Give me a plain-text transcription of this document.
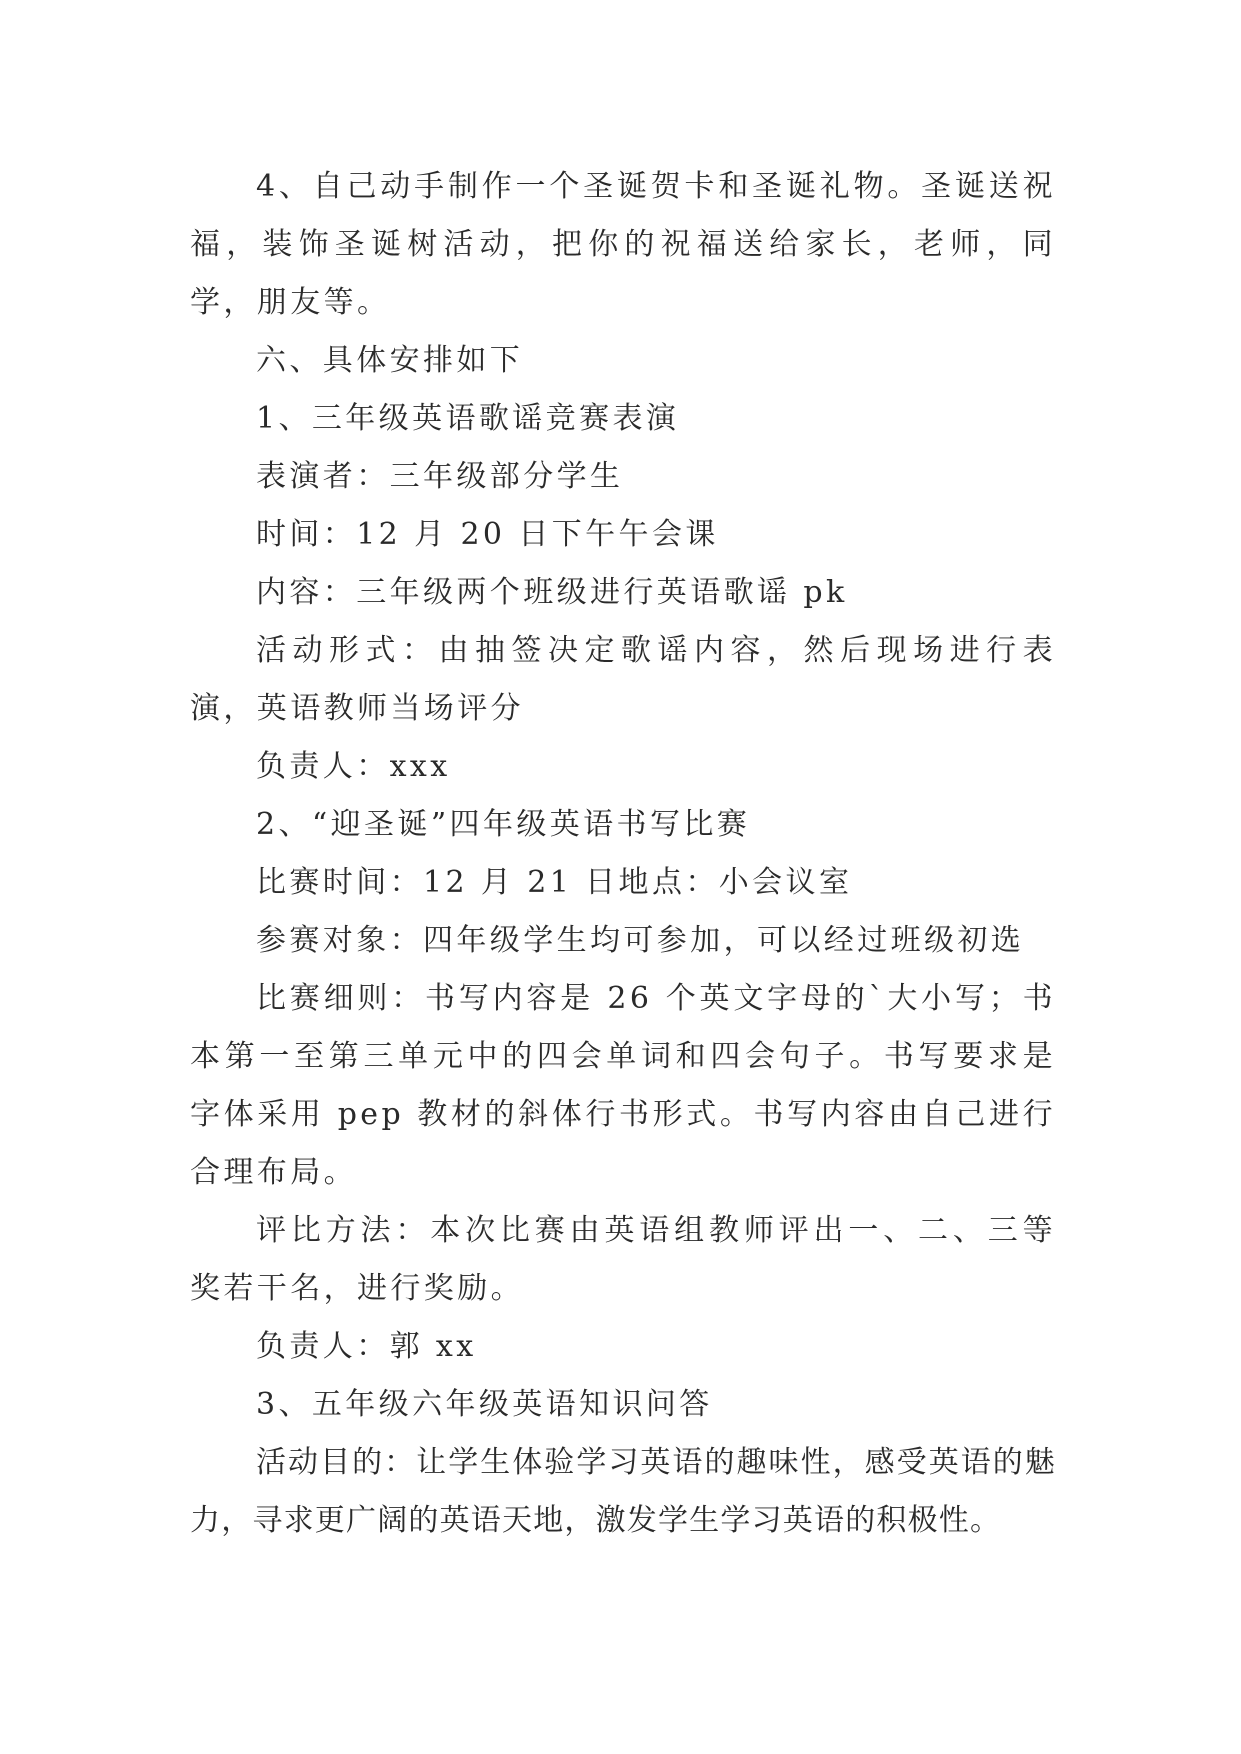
4、自己动手制作一个圣诞贺卡和圣诞礼物。圣诞送祝福，装饰圣诞树活动，把你的祝福送给家长，老师，同学，朋友等。

六、具体安排如下

1、三年级英语歌谣竞赛表演

表演者：三年级部分学生

时间：12 月 20 日下午午会课

内容：三年级两个班级进行英语歌谣 pk

活动形式：由抽签决定歌谣内容，然后现场进行表演，英语教师当场评分

负责人：xxx

2、“迎圣诞”四年级英语书写比赛

比赛时间：12 月 21 日地点：小会议室

参赛对象：四年级学生均可参加，可以经过班级初选

比赛细则：书写内容是 26 个英文字母的`大小写；书本第一至第三单元中的四会单词和四会句子。书写要求是字体采用 pep 教材的斜体行书形式。书写内容由自己进行合理布局。

评比方法：本次比赛由英语组教师评出一、二、三等奖若干名，进行奖励。

负责人：郭 xx

3、五年级六年级英语知识问答

活动目的：让学生体验学习英语的趣味性，感受英语的魅力，寻求更广阔的英语天地，激发学生学习英语的积极性。
